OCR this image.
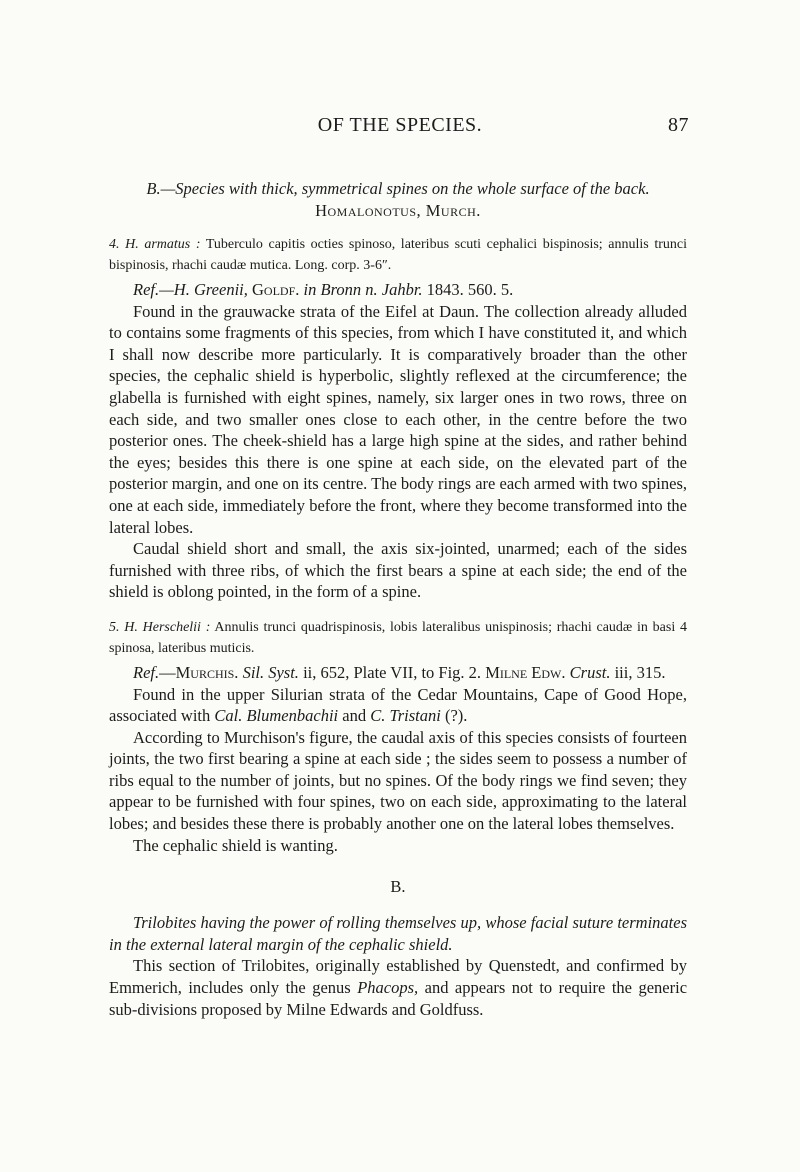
OF THE SPECIES.	87

B.—Species with thick, symmetrical spines on the whole surface of the back.

Homalonotus, Murch.

4. H. armatus : Tuberculo capitis octies spinoso, lateribus scuti cephalici bispinosis; annulis trunci bispinosis, rhachi caudæ mutica. Long. corp. 3-6″.

Ref.—H. Greenii, Goldf. in Bronn n. Jahbr. 1843. 560. 5.

Found in the grauwacke strata of the Eifel at Daun. The collection already alluded to contains some fragments of this species, from which I have constituted it, and which I shall now describe more particularly. It is comparatively broader than the other species, the cephalic shield is hyperbolic, slightly reflexed at the circumference; the glabella is furnished with eight spines, namely, six larger ones in two rows, three on each side, and two smaller ones close to each other, in the centre before the two posterior ones. The cheek-shield has a large high spine at the sides, and rather behind the eyes; besides this there is one spine at each side, on the elevated part of the posterior margin, and one on its centre. The body rings are each armed with two spines, one at each side, immediately before the front, where they become transformed into the lateral lobes.

Caudal shield short and small, the axis six-jointed, unarmed; each of the sides furnished with three ribs, of which the first bears a spine at each side; the end of the shield is oblong pointed, in the form of a spine.

5. H. Herschelii : Annulis trunci quadrispinosis, lobis lateralibus unispinosis; rhachi caudæ in basi 4 spinosa, lateribus muticis.

Ref.—Murchis. Sil. Syst. ii, 652, Plate VII, to Fig. 2. Milne Edw. Crust. iii, 315.

Found in the upper Silurian strata of the Cedar Mountains, Cape of Good Hope, associated with Cal. Blumenbachii and C. Tristani (?).

According to Murchison's figure, the caudal axis of this species consists of fourteen joints, the two first bearing a spine at each side ; the sides seem to possess a number of ribs equal to the number of joints, but no spines. Of the body rings we find seven; they appear to be furnished with four spines, two on each side, approximating to the lateral lobes; and besides these there is probably another one on the lateral lobes themselves.

The cephalic shield is wanting.

B.

Trilobites having the power of rolling themselves up, whose facial suture terminates in the external lateral margin of the cephalic shield.

This section of Trilobites, originally established by Quenstedt, and confirmed by Emmerich, includes only the genus Phacops, and appears not to require the generic sub-divisions proposed by Milne Edwards and Goldfuss.
